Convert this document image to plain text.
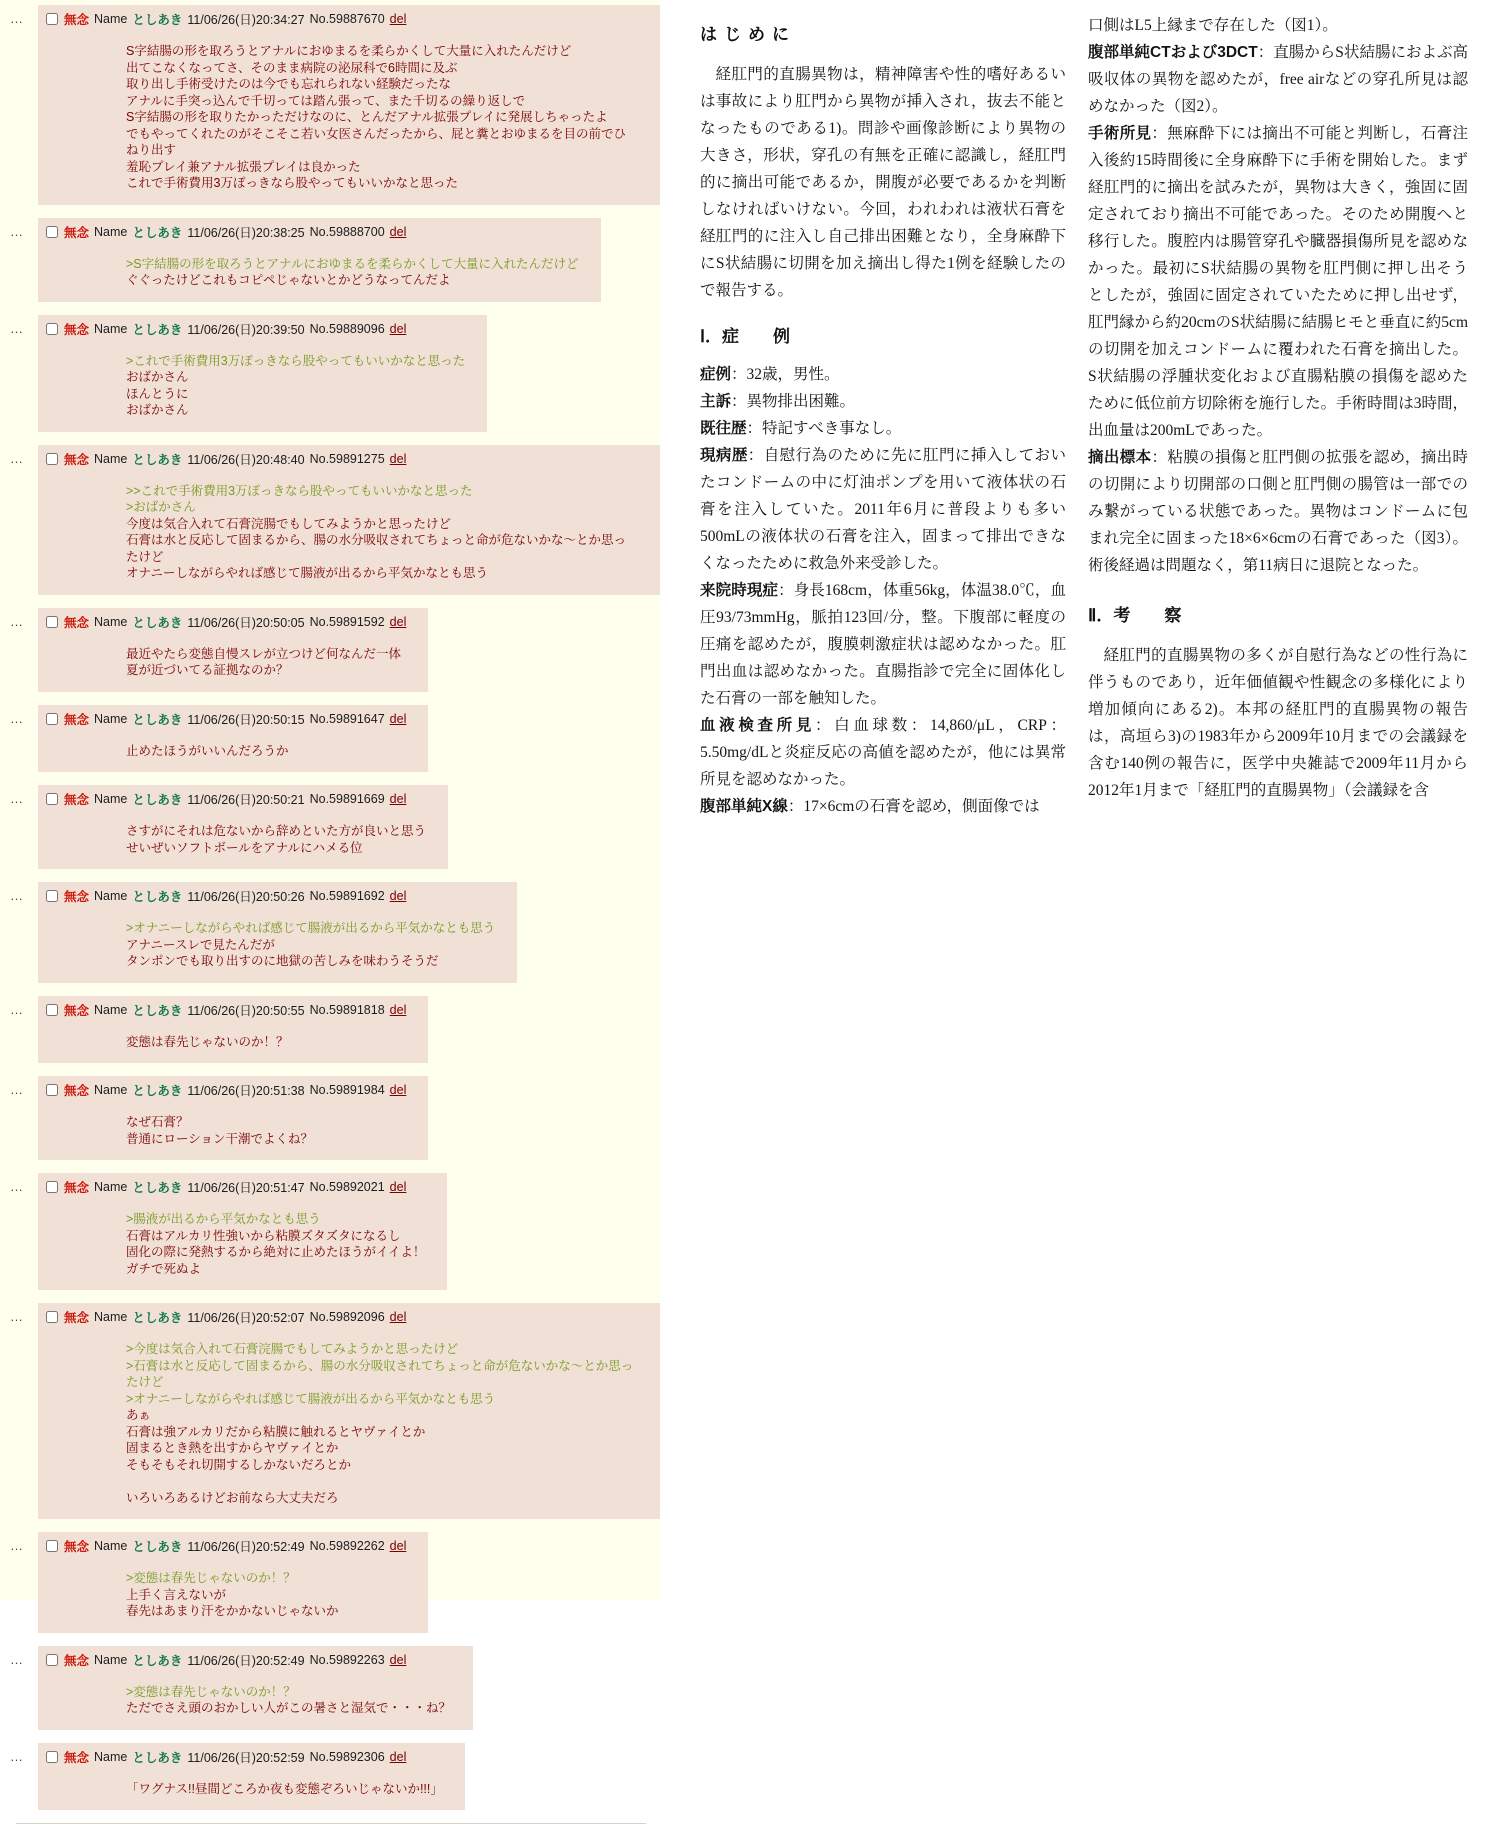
…	無念 Name としあき 11/06/26(日)20:34:27 No.59887670 del
S字結腸の形を取ろうとアナルにおゆまるを柔らかくして大量に入れたんだけど
出てこなくなってさ、そのまま病院の泌尿科で6時間に及ぶ
取り出し手術受けたのは今でも忘れられない経験だったな
アナルに手突っ込んで千切っては踏ん張って、また千切るの繰り返しで
S字結腸の形を取りたかっただけなのに、とんだアナル拡張プレイに発展しちゃったよ
でもやってくれたのがそこそこ若い女医さんだったから、屁と糞とおゆまるを目の前でひねり出す
羞恥プレイ兼アナル拡張プレイは良かった
これで手術費用3万ぽっきなら股やってもいいかなと思った
…	無念 Name としあき 11/06/26(日)20:38:25 No.59888700 del
>S字結腸の形を取ろうとアナルにおゆまるを柔らかくして大量に入れたんだけど
ぐぐったけどこれもコピペじゃないとかどうなってんだよ
…	無念 Name としあき 11/06/26(日)20:39:50 No.59889096 del
>これで手術費用3万ぽっきなら股やってもいいかなと思った
おばかさん
ほんとうに
おばかさん
…	無念 Name としあき 11/06/26(日)20:48:40 No.59891275 del
>>これで手術費用3万ぽっきなら股やってもいいかなと思った
>おばかさん
今度は気合入れて石膏浣腸でもしてみようかと思ったけど
石膏は水と反応して固まるから、腸の水分吸収されてちょっと命が危ないかな〜とか思ったけど
オナニーしながらやれば感じて腸液が出るから平気かなとも思う
…	無念 Name としあき 11/06/26(日)20:50:05 No.59891592 del
最近やたら変態自慢スレが立つけど何なんだ一体
夏が近づいてる証拠なのか？
…	無念 Name としあき 11/06/26(日)20:50:15 No.59891647 del
止めたほうがいいんだろうか
…	無念 Name としあき 11/06/26(日)20:50:21 No.59891669 del
さすがにそれは危ないから辞めといた方が良いと思う
せいぜいソフトボールをアナルにハメる位
…	無念 Name としあき 11/06/26(日)20:50:26 No.59891692 del
>オナニーしながらやれば感じて腸液が出るから平気かなとも思う
アナニースレで見たんだが
タンポンでも取り出すのに地獄の苦しみを味わうそうだ
…	無念 Name としあき 11/06/26(日)20:50:55 No.59891818 del
変態は春先じゃないのか！？
…	無念 Name としあき 11/06/26(日)20:51:38 No.59891984 del
なぜ石膏？
普通にローション干潮でよくね？
…	無念 Name としあき 11/06/26(日)20:51:47 No.59892021 del
>腸液が出るから平気かなとも思う
石膏はアルカリ性強いから粘膜ズタズタになるし
固化の際に発熱するから絶対に止めたほうがイイよ！
ガチで死ぬよ
…	無念 Name としあき 11/06/26(日)20:52:07 No.59892096 del
>今度は気合入れて石膏浣腸でもしてみようかと思ったけど
>石膏は水と反応して固まるから、腸の水分吸収されてちょっと命が危ないかな〜とか思ったけど
>オナニーしながらやれば感じて腸液が出るから平気かなとも思う
あぁ
石膏は強アルカリだから粘膜に触れるとヤヴァイとか
固まるとき熱を出すからヤヴァイとか
そもそもそれ切開するしかないだろとか
いろいろあるけどお前なら大丈夫だろ
…	無念 Name としあき 11/06/26(日)20:52:49 No.59892262 del
>変態は春先じゃないのか！？
上手く言えないが
春先はあまり汗をかかないじゃないか
…	無念 Name としあき 11/06/26(日)20:52:49 No.59892263 del
>変態は春先じゃないのか！？
ただでさえ頭のおかしい人がこの暑さと湿気で・・・ね？
…	無念 Name としあき 11/06/26(日)20:52:59 No.59892306 del
「ワグナス!!昼間どころか夜も変態ぞろいじゃないか!!!」
はじめに

経肛門的直腸異物は，精神障害や性的嗜好あるいは事故により肛門から異物が挿入され，抜去不能となったものである1)。問診や画像診断により異物の大きさ，形状，穿孔の有無を正確に認識し，経肛門的に摘出可能であるか，開腹が必要であるかを判断しなければいけない。今回，われわれは液状石膏を経肛門的に注入し自己排出困難となり，全身麻酔下にS状結腸に切開を加え摘出し得た1例を経験したので報告する。

Ⅰ．症　　例

症例：32歳，男性。

主訴：異物排出困難。

既往歴：特記すべき事なし。

現病歴：自慰行為のために先に肛門に挿入しておいたコンドームの中に灯油ポンプを用いて液体状の石膏を注入していた。2011年6月に普段よりも多い500mLの液体状の石膏を注入，固まって排出できなくなったために救急外来受診した。

来院時現症：身長168cm，体重56kg，体温38.0℃，血圧93/73mmHg，脈拍123回/分，整。下腹部に軽度の圧痛を認めたが，腹膜刺激症状は認めなかった。肛門出血は認めなかった。直腸指診で完全に固体化した石膏の一部を触知した。

血液検査所見：白血球数：14,860/μL，CRP：5.50mg/dLと炎症反応の高値を認めたが，他には異常所見を認めなかった。

腹部単純X線：17×6cmの石膏を認め，側面像では

口側はL5上縁まで存在した（図1）。

腹部単純CTおよび3DCT：直腸からS状結腸におよぶ高吸収体の異物を認めたが，free airなどの穿孔所見は認めなかった（図2）。

手術所見：無麻酔下には摘出不可能と判断し，石膏注入後約15時間後に全身麻酔下に手術を開始した。まず経肛門的に摘出を試みたが，異物は大きく，強固に固定されており摘出不可能であった。そのため開腹へと移行した。腹腔内は腸管穿孔や臓器損傷所見を認めなかった。最初にS状結腸の異物を肛門側に押し出そうとしたが，強固に固定されていたために押し出せず，肛門縁から約20cmのS状結腸に結腸ヒモと垂直に約5cmの切開を加えコンドームに覆われた石膏を摘出した。S状結腸の浮腫状変化および直腸粘膜の損傷を認めたために低位前方切除術を施行した。手術時間は3時間，出血量は200mLであった。

摘出標本：粘膜の損傷と肛門側の拡張を認め，摘出時の切開により切開部の口側と肛門側の腸管は一部でのみ繋がっている状態であった。異物はコンドームに包まれ完全に固まった18×6×6cmの石膏であった（図3）。術後経過は問題なく，第11病日に退院となった。

Ⅱ．考　　察

経肛門的直腸異物の多くが自慰行為などの性行為に伴うものであり，近年価値観や性観念の多様化により増加傾向にある2)。本邦の経肛門的直腸異物の報告は，高垣ら3)の1983年から2009年10月までの会議録を含む140例の報告に，医学中央雑誌で2009年11月から2012年1月まで「経肛門的直腸異物」（会議録を含
